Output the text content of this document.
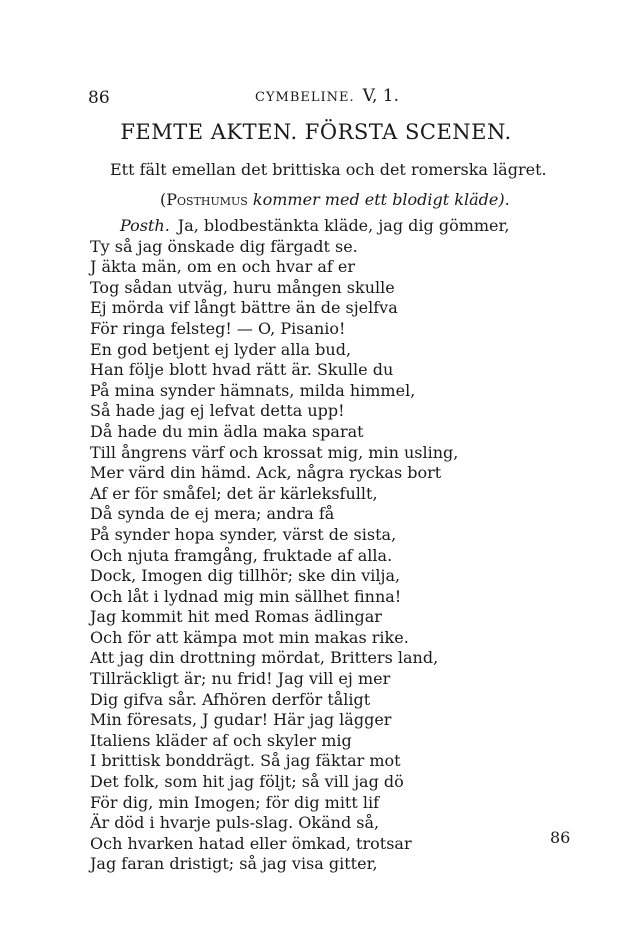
86	CYMBELINE. V, 1.
FEMTE AKTEN. FÖRSTA SCENEN.
Ett fält emellan det brittiska och det romerska lägret.
(Posthumus kommer med ett blodigt kläde).
Posth. Ja, blodbestänkta kläde, jag dig gömmer,
Ty så jag önskade dig färgadt se.
J äkta män, om en och hvar af er
Tog sådan utväg, huru mången skulle
Ej mörda vif långt bättre än de sjelfva
För ringa felsteg! — O, Pisanio!
En god betjent ej lyder alla bud,
Han följe blott hvad rätt är. Skulle du
På mina synder hämnats, milda himmel,
Så hade jag ej lefvat detta upp!
Då hade du min ädla maka sparat
Till ångrens värf och krossat mig, min usling,
Mer värd din hämd. Ack, några ryckas bort
Af er för småfel; det är kärleksfullt,
Då synda de ej mera; andra få
På synder hopa synder, värst de sista,
Och njuta framgång, fruktade af alla.
Dock, Imogen dig tillhör; ske din vilja,
Och låt i lydnad mig min sällhet finna!
Jag kommit hit med Romas ädlingar
Och för att kämpa mot min makas rike.
Att jag din drottning mördat, Britters land,
Tillräckligt är; nu frid! Jag vill ej mer
Dig gifva sår. Afhören derför tåligt
Min föresats, J gudar! Här jag lägger
Italiens kläder af och skyler mig
I brittisk bonddrägt. Så jag fäktar mot
Det folk, som hit jag följt; så vill jag dö
För dig, min Imogen; för dig mitt lif
Är död i hvarje puls-slag. Okänd så,
Och hvarken hatad eller ömkad, trotsar
Jag faran dristigt; så jag visa gitter,
86
